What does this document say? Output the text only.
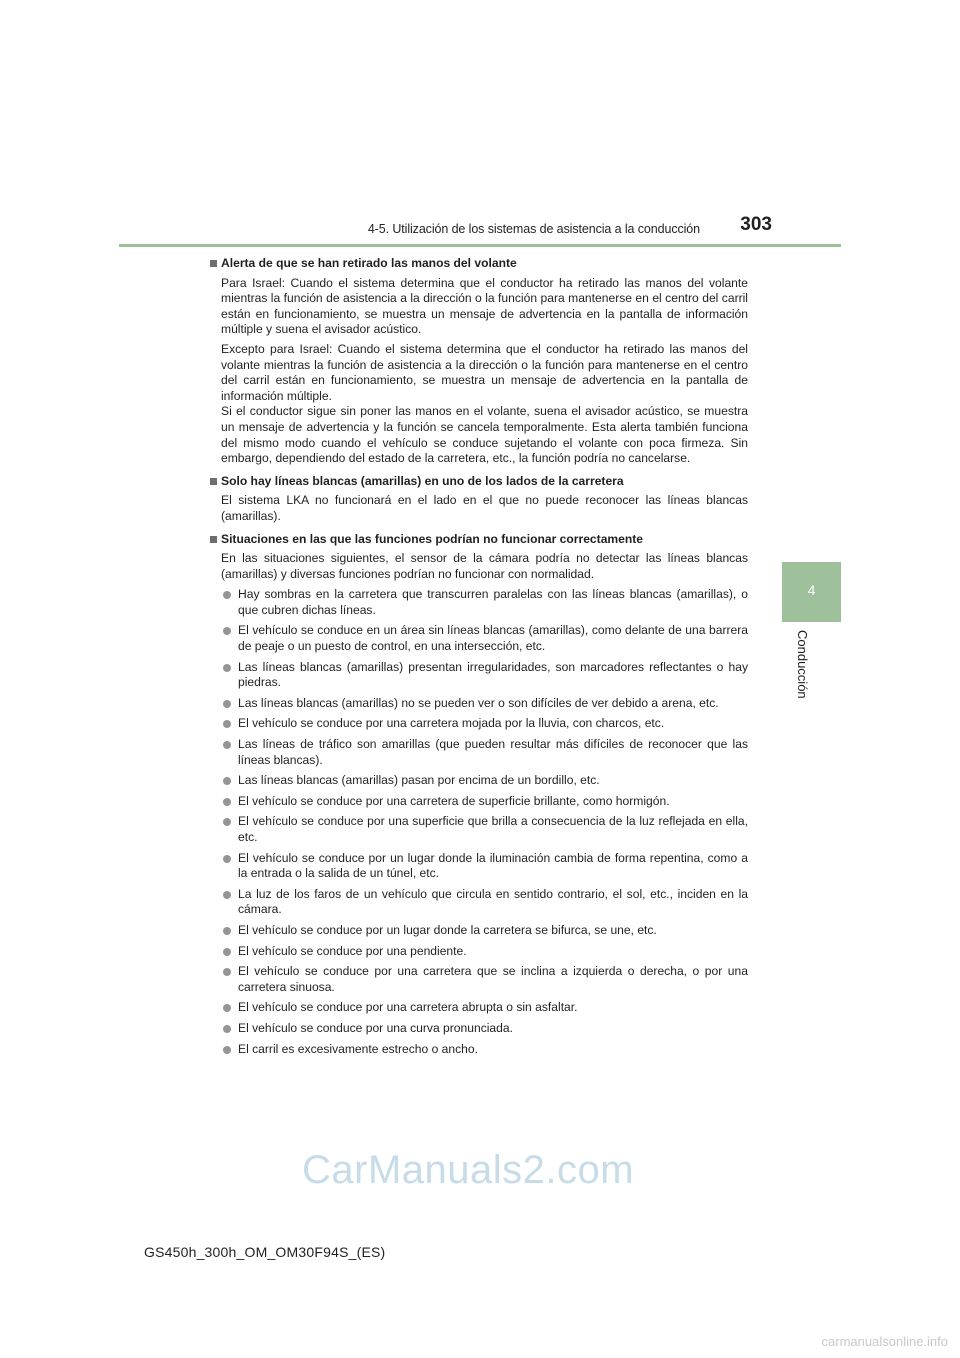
4-5. Utilización de los sistemas de asistencia a la conducción	303
4
Conducción
Alerta de que se han retirado las manos del volante
Para Israel: Cuando el sistema determina que el conductor ha retirado las manos del volante mientras la función de asistencia a la dirección o la función para mantenerse en el centro del carril están en funcionamiento, se muestra un mensaje de advertencia en la pantalla de información múltiple y suena el avisador acústico.
Excepto para Israel: Cuando el sistema determina que el conductor ha retirado las manos del volante mientras la función de asistencia a la dirección o la función para mantenerse en el centro del carril están en funcionamiento, se muestra un mensaje de advertencia en la pantalla de información múltiple.
Si el conductor sigue sin poner las manos en el volante, suena el avisador acústico, se muestra un mensaje de advertencia y la función se cancela temporalmente. Esta alerta también funciona del mismo modo cuando el vehículo se conduce sujetando el volante con poca firmeza. Sin embargo, dependiendo del estado de la carretera, etc., la función podría no cancelarse.
Solo hay líneas blancas (amarillas) en uno de los lados de la carretera
El sistema LKA no funcionará en el lado en el que no puede reconocer las líneas blancas (amarillas).
Situaciones en las que las funciones podrían no funcionar correctamente
En las situaciones siguientes, el sensor de la cámara podría no detectar las líneas blancas (amarillas) y diversas funciones podrían no funcionar con normalidad.
Hay sombras en la carretera que transcurren paralelas con las líneas blancas (amarillas), o que cubren dichas líneas.
El vehículo se conduce en un área sin líneas blancas (amarillas), como delante de una barrera de peaje o un puesto de control, en una intersección, etc.
Las líneas blancas (amarillas) presentan irregularidades, son marcadores reflectantes o hay piedras.
Las líneas blancas (amarillas) no se pueden ver o son difíciles de ver debido a arena, etc.
El vehículo se conduce por una carretera mojada por la lluvia, con charcos, etc.
Las líneas de tráfico son amarillas (que pueden resultar más difíciles de reconocer que las líneas blancas).
Las líneas blancas (amarillas) pasan por encima de un bordillo, etc.
El vehículo se conduce por una carretera de superficie brillante, como hormigón.
El vehículo se conduce por una superficie que brilla a consecuencia de la luz reflejada en ella, etc.
El vehículo se conduce por un lugar donde la iluminación cambia de forma repentina, como a la entrada o la salida de un túnel, etc.
La luz de los faros de un vehículo que circula en sentido contrario, el sol, etc., inciden en la cámara.
El vehículo se conduce por un lugar donde la carretera se bifurca, se une, etc.
El vehículo se conduce por una pendiente.
El vehículo se conduce por una carretera que se inclina a izquierda o derecha, o por una carretera sinuosa.
El vehículo se conduce por una carretera abrupta o sin asfaltar.
El vehículo se conduce por una curva pronunciada.
El carril es excesivamente estrecho o ancho.
CarManuals2.com
GS450h_300h_OM_OM30F94S_(ES)
carmanualsonline.info
